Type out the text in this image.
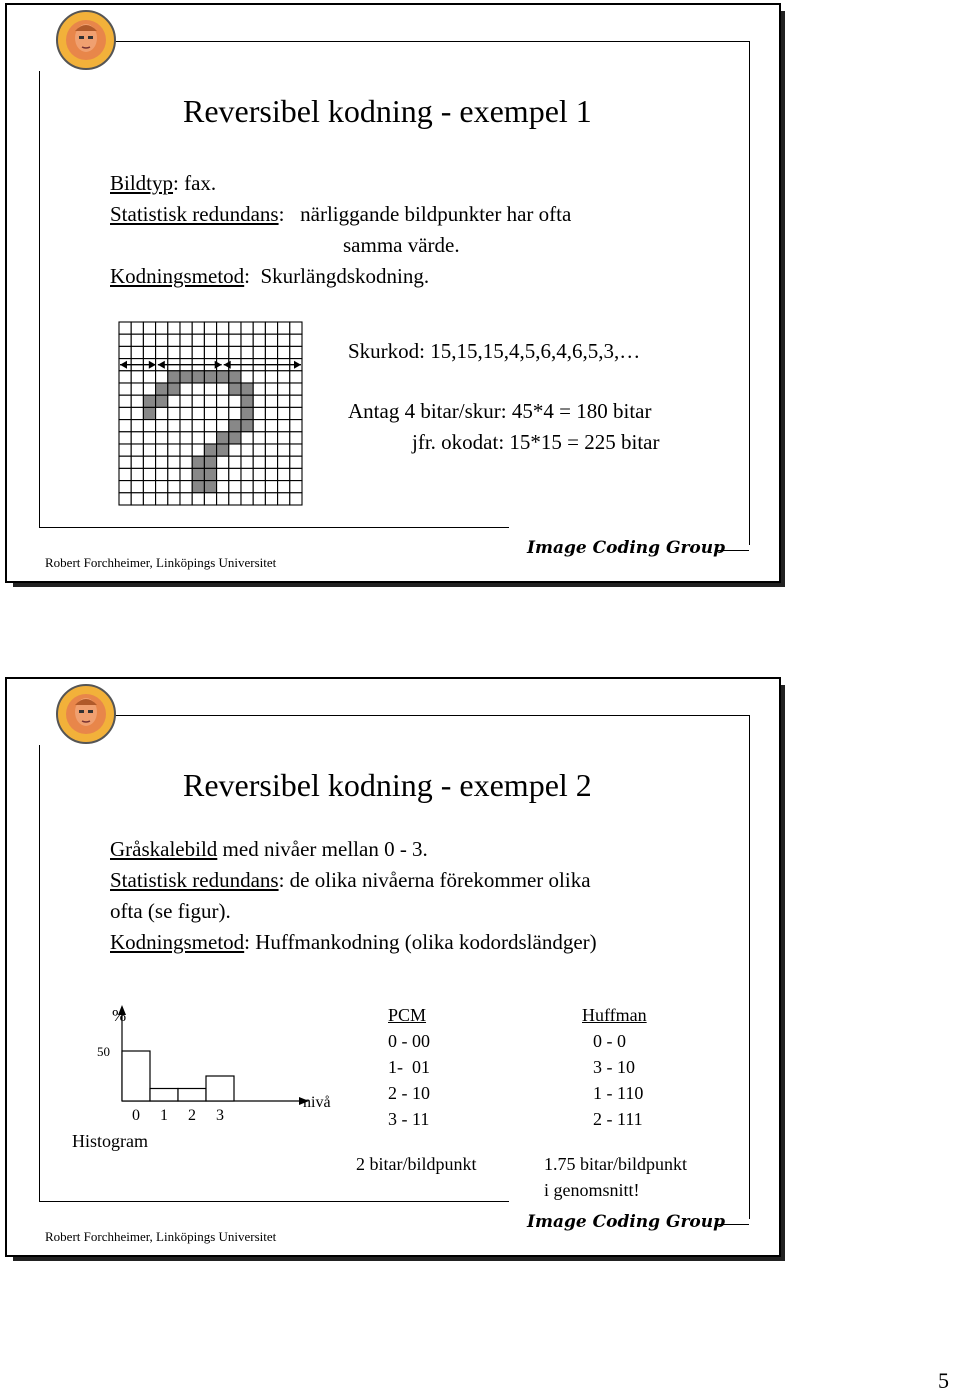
Reversibel kodning - exempel 1
Bildtyp: fax.
Statistisk redundans:   närliggande bildpunkter har ofta
samma värde.
Kodningsmetod:  Skurlängdskodning.
Skurkod: 15,15,15,4,5,6,4,6,5,3,…
Antag 4 bitar/skur: 45*4 = 180 bitar
jfr. okodat: 15*15 = 225 bitar
Robert Forchheimer, Linköpings Universitet
Image Coding Group
Reversibel kodning - exempel 2
Gråskalebild med nivåer mellan 0 - 3.
Statistisk redundans: de olika nivåerna förekommer olika
ofta (se figur).
Kodningsmetod: Huffmankodning (olika kodordsländger)
0 1 2 3
%
50
nivå
Histogram
PCM
0 - 00
1-  01
2 - 10
3 - 11
Huffman
0 - 0
3 - 10
1 - 110
2 - 111
2 bitar/bildpunkt	1.75 bitar/bildpunkt
i genomsnitt!
Robert Forchheimer, Linköpings Universitet
Image Coding Group
5
